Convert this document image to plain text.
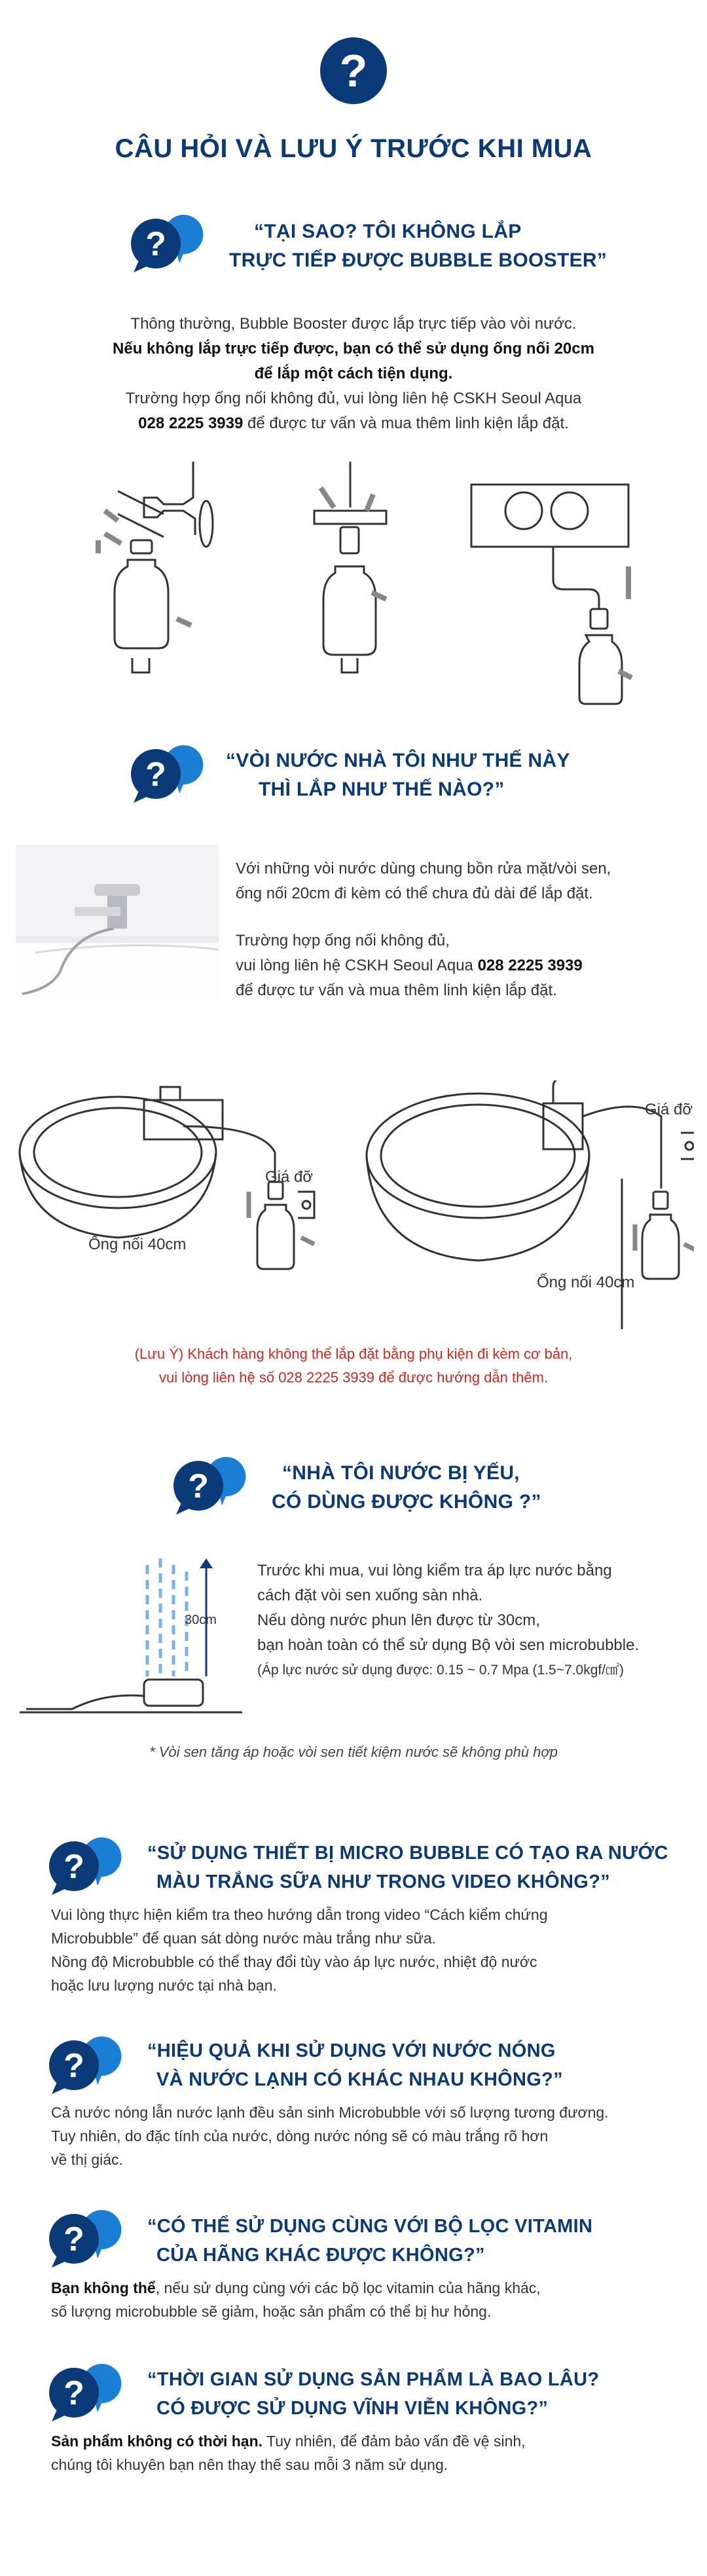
?
CÂU HỎI VÀ LƯU Ý TRƯỚC KHI MUA
?	“TẠI SAO? TÔI KHÔNG LẮP
TRỰC TIẾP ĐƯỢC BUBBLE BOOSTER”
Thông thường, Bubble Booster được lắp trực tiếp vào vòi nước.
Nếu không lắp trực tiếp được, bạn có thể sử dụng ống nối 20cm
để lắp một cách tiện dụng.
Trường hợp ống nối không đủ, vui lòng liên hệ CSKH Seoul Aqua
028 2225 3939 để được tư vấn và mua thêm linh kiện lắp đặt.
?	“VÒI NƯỚC NHÀ TÔI NHƯ THẾ NÀY
THÌ LẮP NHƯ THẾ NÀO?”
Với những vòi nước dùng chung bồn rửa mặt/vòi sen,
ống nối 20cm đi kèm có thể chưa đủ dài để lắp đặt.
Trường hợp ống nối không đủ,
vui lòng liên hệ CSKH Seoul Aqua 028 2225 3939
để được tư vấn và mua thêm linh kiện lắp đặt.
Giá đỡ
Ống nối 40cm
Giá đỡ
Ống nối 40cm
(Lưu Ý) Khách hàng không thể lắp đặt bằng phụ kiện đi kèm cơ bản,
vui lòng liên hệ số 028 2225 3939 để được hướng dẫn thêm.
?	“NHÀ TÔI NƯỚC BỊ YẾU,
CÓ DÙNG ĐƯỢC KHÔNG ?”
30cm
Trước khi mua, vui lòng kiểm tra áp lực nước bằng
cách đặt vòi sen xuống sàn nhà.
Nếu dòng nước phun lên được từ 30cm,
bạn hoàn toàn có thể sử dụng Bộ vòi sen microbubble.
(Áp lực nước sử dụng được: 0.15 ~ 0.7 Mpa (1.5~7.0kgf/㎠)
* Vòi sen tăng áp hoặc vòi sen tiết kiệm nước sẽ không phù hợp
?	“SỬ DỤNG THIẾT BỊ MICRO BUBBLE CÓ TẠO RA NƯỚC
MÀU TRẮNG SỮA NHƯ TRONG VIDEO KHÔNG?”
Vui lòng thực hiện kiểm tra theo hướng dẫn trong video “Cách kiểm chứng
Microbubble” để quan sát dòng nước màu trắng như sữa.
Nồng độ Microbubble có thể thay đổi tùy vào áp lực nước, nhiệt độ nước
hoặc lưu lượng nước tại nhà bạn.
?	“HIỆU QUẢ KHI SỬ DỤNG VỚI NƯỚC NÓNG
VÀ NƯỚC LẠNH CÓ KHÁC NHAU KHÔNG?”
Cả nước nóng lẫn nước lạnh đều sản sinh Microbubble với số lượng tương đương.
Tuy nhiên, do đặc tính của nước, dòng nước nóng sẽ có màu trắng rõ hơn
về thị giác.
?	“CÓ THỂ SỬ DỤNG CÙNG VỚI BỘ LỌC VITAMIN
CỦA HÃNG KHÁC ĐƯỢC KHÔNG?”
Bạn không thể, nếu sử dụng cùng với các bộ lọc vitamin của hãng khác,
số lượng microbubble sẽ giảm, hoặc sản phẩm có thể bị hư hỏng.
?	“THỜI GIAN SỬ DỤNG SẢN PHẨM LÀ BAO LÂU?
CÓ ĐƯỢC SỬ DỤNG VĨNH VIỄN KHÔNG?”
Sản phẩm không có thời hạn. Tuy nhiên, để đảm bảo vấn đề vệ sinh,
chúng tôi khuyên bạn nên thay thế sau mỗi 3 năm sử dụng.
